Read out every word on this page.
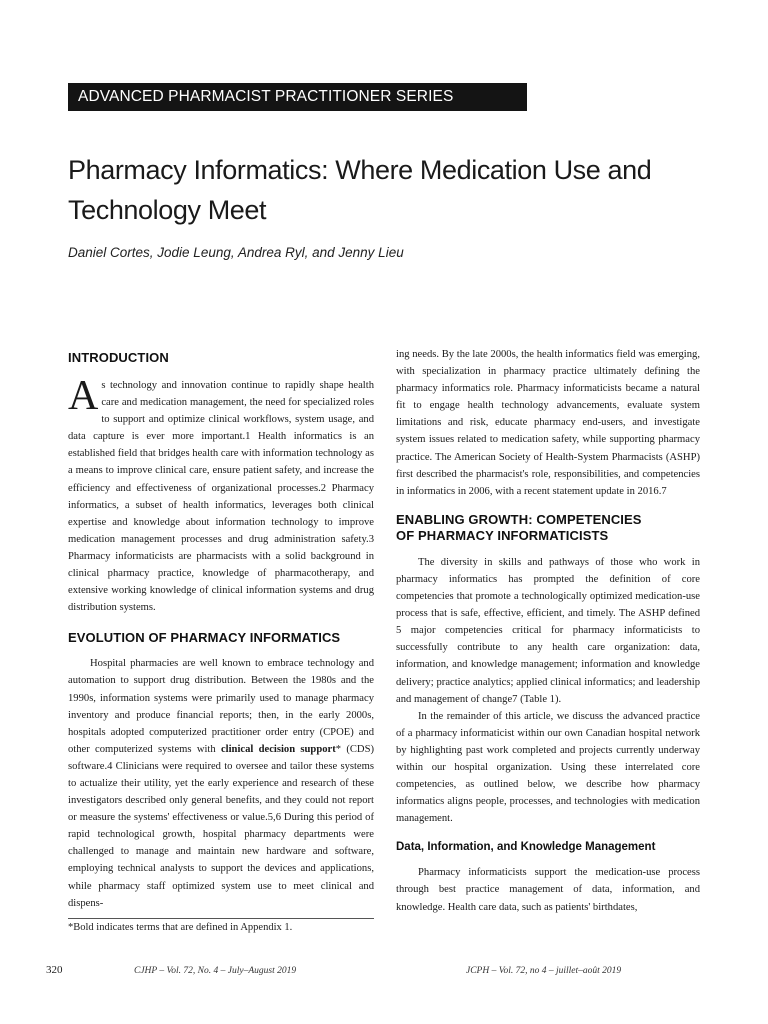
ADVANCED PHARMACIST PRACTITIONER SERIES
Pharmacy Informatics: Where Medication Use and Technology Meet
Daniel Cortes, Jodie Leung, Andrea Ryl, and Jenny Lieu
INTRODUCTION

As technology and innovation continue to rapidly shape health care and medication management, the need for specialized roles to support and optimize clinical workflows, system usage, and data capture is ever more important.1 Health informatics is an established field that bridges health care with information technology as a means to improve clinical care, ensure patient safety, and increase the efficiency and effectiveness of organizational processes.2 Pharmacy informatics, a subset of health informatics, leverages both clinical expertise and knowledge about information technology to improve medication management processes and drug administration safety.3 Pharmacy informaticists are pharmacists with a solid background in clinical pharmacy practice, knowledge of pharmacotherapy, and extensive working knowledge of clinical information systems and drug distribution systems.

EVOLUTION OF PHARMACY INFORMATICS

Hospital pharmacies are well known to embrace technology and automation to support drug distribution. Between the 1980s and the 1990s, information systems were primarily used to manage pharmacy inventory and produce financial reports; then, in the early 2000s, hospitals adopted computerized practitioner order entry (CPOE) and other computerized systems with clinical decision support* (CDS) software.4 Clinicians were required to oversee and tailor these systems to actualize their utility, yet the early experience and research of these investigators described only general benefits, and they could not report or measure the systems' effectiveness or value.5,6 During this period of rapid technological growth, hospital pharmacy departments were challenged to manage and maintain new hardware and software, employing technical analysts to support the devices and applications, while pharmacy staff optimized system use to meet clinical and dispens-

ing needs. By the late 2000s, the health informatics field was emerging, with specialization in pharmacy practice ultimately defining the pharmacy informatics role. Pharmacy informaticists became a natural fit to engage health technology advancements, evaluate system limitations and risk, educate pharmacy end-users, and investigate system issues related to medication safety, while supporting pharmacy practice. The American Society of Health-System Pharmacists (ASHP) first described the pharmacist's role, responsibilities, and competencies in informatics in 2006, with a recent statement update in 2016.7

ENABLING GROWTH: COMPETENCIES
OF PHARMACY INFORMATICISTS

The diversity in skills and pathways of those who work in pharmacy informatics has prompted the definition of core competencies that promote a technologically optimized medication-use process that is safe, effective, efficient, and timely. The ASHP defined 5 major competencies critical for pharmacy informaticists to successfully contribute to any health care organization: data, information, and knowledge management; information and knowledge delivery; practice analytics; applied clinical informatics; and leadership and management of change7 (Table 1).

In the remainder of this article, we discuss the advanced practice of a pharmacy informaticist within our own Canadian hospital network by highlighting past work completed and projects currently underway within our hospital organization. Using these interrelated core competencies, as outlined below, we describe how pharmacy informatics aligns people, processes, and technologies with medication management.

Data, Information, and Knowledge Management

Pharmacy informaticists support the medication-use process through best practice management of data, information, and knowledge. Health care data, such as patients' birthdates,

*Bold indicates terms that are defined in Appendix 1.
320	CJHP – Vol. 72, No. 4 – July–August 2019	JCPH – Vol. 72, no 4 – juillet–août 2019
